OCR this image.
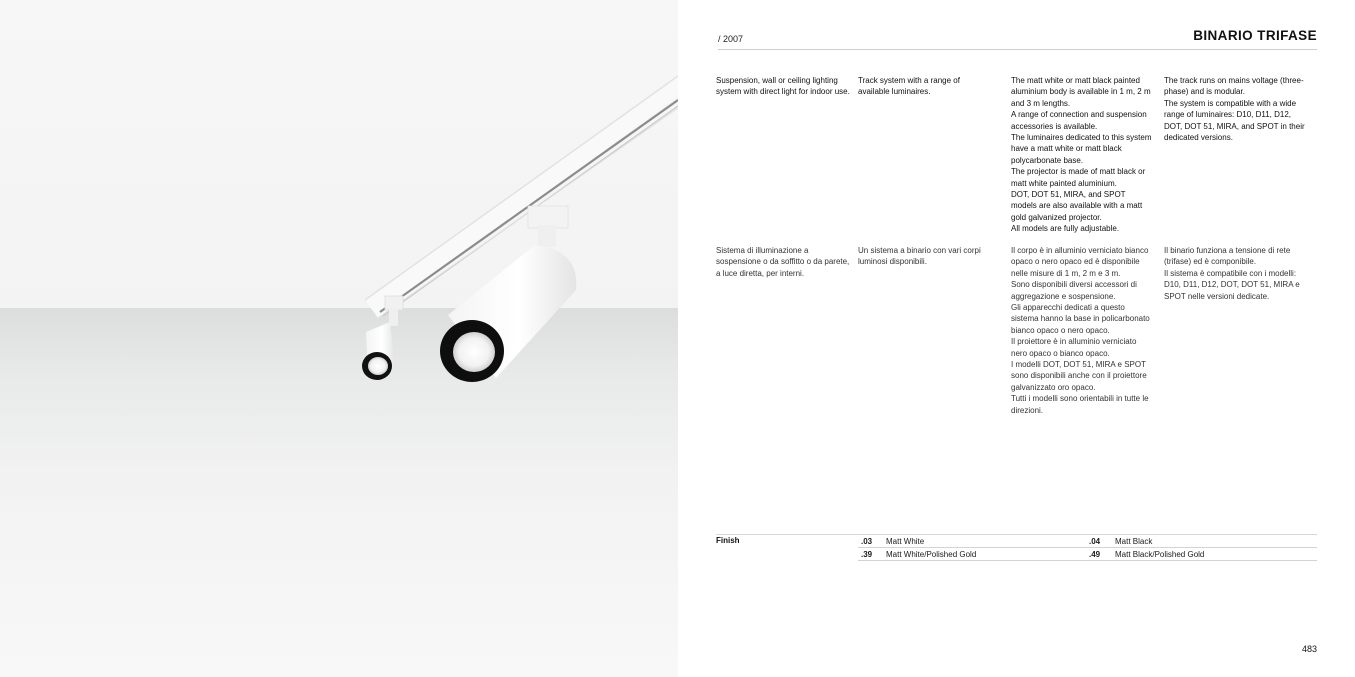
/ 2007	BINARIO TRIFASE

Suspension, wall or ceiling lighting system with direct light for indoor use.

Track system with a range of available luminaires.

The matt white or matt black painted aluminium body is available in 1 m, 2 m and 3 m lengths.

A range of connection and suspension accessories is available.

The luminaires dedicated to this system have a matt white or matt black polycarbonate base.

The projector is made of matt black or matt white painted aluminium.

DOT, DOT 51, MIRA, and SPOT models are also available with a matt gold galvanized projector.

All models are fully adjustable.

The track runs on mains voltage (three-phase) and is modular.

The system is compatible with a wide range of luminaires: D10, D11, D12, DOT, DOT 51, MIRA, and SPOT in their dedicated versions.

Sistema di illuminazione a sospensione o da soffitto o da parete, a luce diretta, per interni.

Un sistema a binario con vari corpi luminosi disponibili.

Il corpo è in alluminio verniciato bianco opaco o nero opaco ed è disponibile nelle misure di 1 m, 2 m e 3 m.

Sono disponibili diversi accessori di aggregazione e sospensione.

Gli apparecchi dedicati a questo sistema hanno la base in policarbonato bianco opaco o nero opaco.

Il proiettore è in alluminio verniciato nero opaco o bianco opaco.

I modelli DOT, DOT 51, MIRA e SPOT sono disponibili anche con il proiettore galvanizzato oro opaco.

Tutti i modelli sono orientabili in tutte le direzioni.

Il binario funziona a tensione di rete (trifase) ed è componibile.

Il sistema è compatibile con i modelli: D10, D11, D12, DOT, DOT 51, MIRA e SPOT nelle versioni dedicate.

Finish	.03 Matt White	.04 Matt Black
.39 Matt White/Polished Gold	.49 Matt Black/Polished Gold
483
